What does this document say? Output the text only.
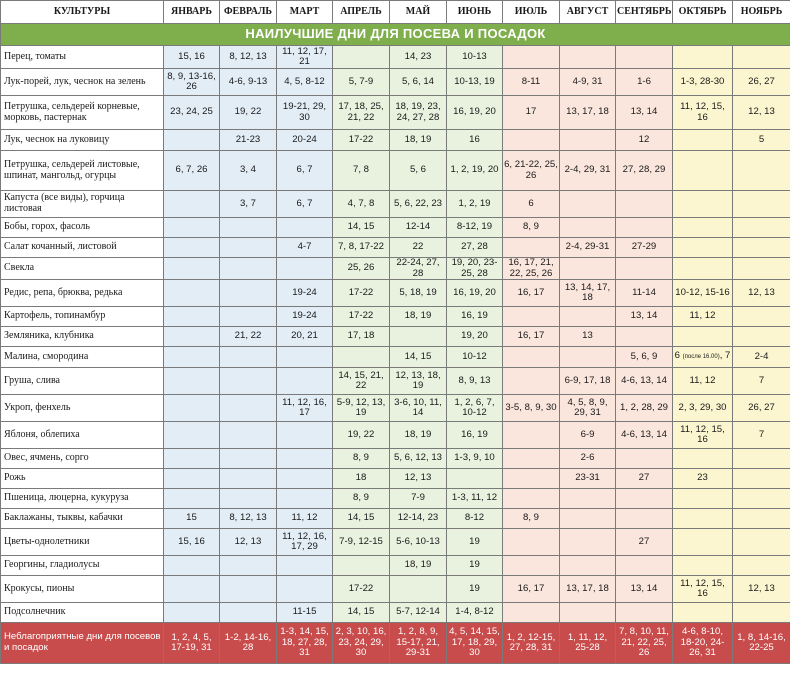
КУЛЬТУРЫ	ЯНВАРЬ	ФЕВРАЛЬ	МАРТ	АПРЕЛЬ	МАЙ	ИЮНЬ	ИЮЛЬ	АВГУСТ	СЕНТЯБРЬ	ОКТЯБРЬ	НОЯБРЬ
НАИЛУЧШИЕ ДНИ ДЛЯ ПОСЕВА И ПОСАДОК											
Перец, томаты	15, 16	8, 12, 13	11, 12, 17, 21		14, 23	10-13					
Лук-порей, лук, чеснок на зелень	8, 9, 13-16, 26	4-6, 9-13	4, 5, 8-12	5, 7-9	5, 6, 14	10-13, 19	8-11	4-9, 31	1-6	1-3, 28-30	26, 27
Петрушка, сельдерей корневые, морковь, пастернак	23, 24, 25	19, 22	19-21, 29, 30	17, 18, 25, 21, 22	18, 19, 23, 24, 27, 28	16, 19, 20	17	13, 17, 18	13, 14	11, 12, 15, 16	12, 13
Лук, чеснок на луковицу		21-23	20-24	17-22	18, 19	16			12		5
Петрушка, сельдерей листовые, шпинат, мангольд, огурцы	6, 7, 26	3, 4	6, 7	7, 8	5, 6	1, 2, 19, 20	6, 21-22, 25, 26	2-4, 29, 31	27, 28, 29		
Капуста (все виды), горчица листовая		3, 7	6, 7	4, 7, 8	5, 6, 22, 23	1, 2, 19	6				
Бобы, горох, фасоль				14, 15	12-14	8-12, 19	8, 9				
Салат кочанный, листовой			4-7	7, 8, 17-22	22	27, 28		2-4, 29-31	27-29		
Свекла				25, 26	22-24, 27, 28	19, 20, 23-25, 28	16, 17, 21, 22, 25, 26				
Редис, репа, брюква, редька			19-24	17-22	5, 18, 19	16, 19, 20	16, 17	13, 14, 17, 18	11-14	10-12, 15-16	12, 13
Картофель, топинамбур			19-24	17-22	18, 19	16, 19			13, 14	11, 12	
Земляника, клубника		21, 22	20, 21	17, 18		19, 20	16, 17	13			
Малина, смородина					14, 15	10-12			5, 6, 9	6 (после 16.00), 7	2-4
Груша, слива				14, 15, 21, 22	12, 13, 18, 19	8, 9, 13		6-9, 17, 18	4-6, 13, 14	11, 12	7
Укроп, фенхель			11, 12, 16, 17	5-9, 12, 13, 19	3-6, 10, 11, 14	1, 2, 6, 7, 10-12	3-5, 8, 9, 30	4, 5, 8, 9, 29, 31	1, 2, 28, 29	2, 3, 29, 30	26, 27
Яблоня, облепиха				19, 22	18, 19	16, 19		6-9	4-6, 13, 14	11, 12, 15, 16	7
Овес, ячмень, сорго				8, 9	5, 6, 12, 13	1-3, 9, 10		2-6			
Рожь				18	12, 13			23-31	27	23	
Пшеница, люцерна, кукуруза				8, 9	7-9	1-3, 11, 12					
Баклажаны, тыквы, кабачки	15	8, 12, 13	11, 12	14, 15	12-14, 23	8-12	8, 9				
Цветы-однолетники	15, 16	12, 13	11, 12, 16, 17, 29	7-9, 12-15	5-6, 10-13	19			27		
Георгины, гладиолусы					18, 19	19					
Крокусы, пионы				17-22		19	16, 17	13, 17, 18	13, 14	11, 12, 15, 16	12, 13
Подсолнечник			11-15	14, 15	5-7, 12-14	1-4, 8-12					
Неблагоприятные дни для посевов и посадок	1, 2, 4, 5, 17-19, 31	1-2, 14-16, 28	1-3, 14, 15, 18, 27, 28, 31	2, 3, 10, 16, 23, 24, 29, 30	1, 2, 8, 9, 15-17, 21, 29-31	4, 5, 14, 15, 17, 18, 29, 30	1, 2, 12-15, 27, 28, 31	1, 11, 12, 25-28	7, 8, 10, 11, 21, 22, 25, 26	4-6, 8-10, 18-20, 24- 26, 31	1, 8, 14-16, 22-25
